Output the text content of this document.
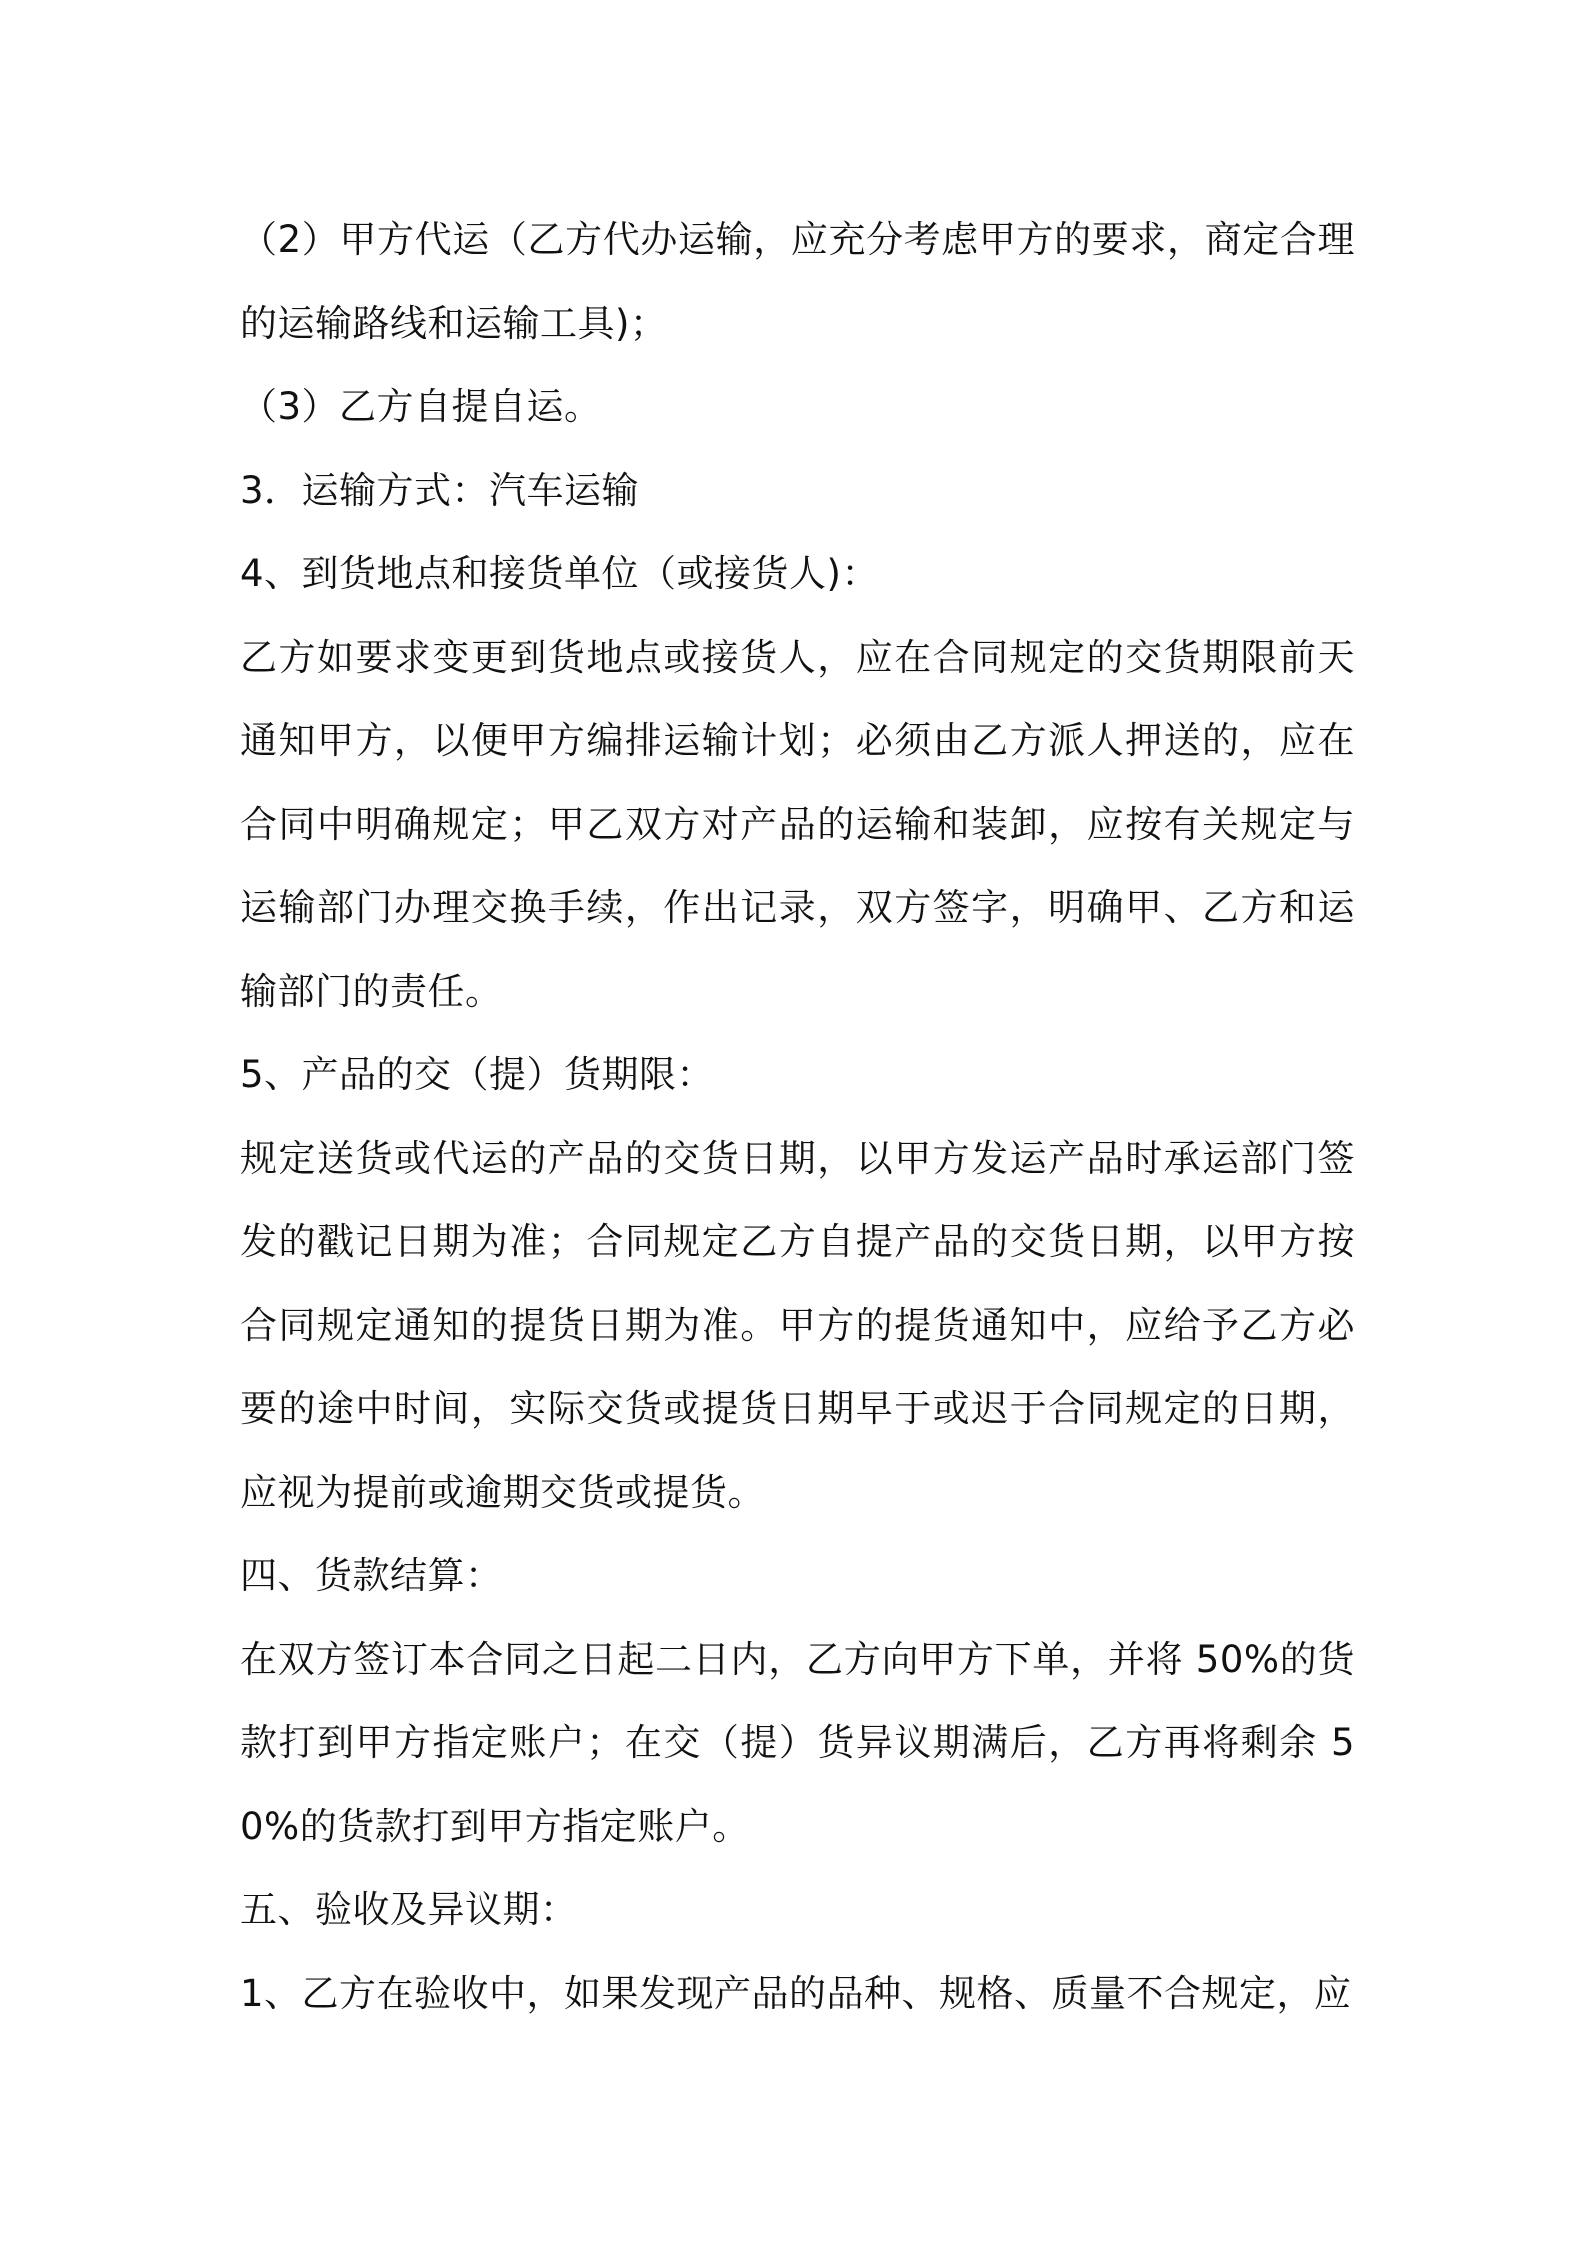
（2）甲方代运（乙方代办运输，应充分考虑甲方的要求，商定合理的运输路线和运输工具)；

（3）乙方自提自运。

3．运输方式：汽车运输

4、到货地点和接货单位（或接货人)：

乙方如要求变更到货地点或接货人，应在合同规定的交货期限前天通知甲方，以便甲方编排运输计划；必须由乙方派人押送的，应在合同中明确规定；甲乙双方对产品的运输和装卸，应按有关规定与运输部门办理交换手续，作出记录，双方签字，明确甲、乙方和运输部门的责任。

5、产品的交（提）货期限：

规定送货或代运的产品的交货日期，以甲方发运产品时承运部门签发的戳记日期为准；合同规定乙方自提产品的交货日期，以甲方按合同规定通知的提货日期为准。甲方的提货通知中，应给予乙方必要的途中时间，实际交货或提货日期早于或迟于合同规定的日期，应视为提前或逾期交货或提货。

四、货款结算：

在双方签订本合同之日起二日内，乙方向甲方下单，并将 50%的货款打到甲方指定账户；在交（提）货异议期满后，乙方再将剩余 50%的货款打到甲方指定账户。

五、验收及异议期：

1、乙方在验收中，如果发现产品的品种、规格、质量不合规定，应
